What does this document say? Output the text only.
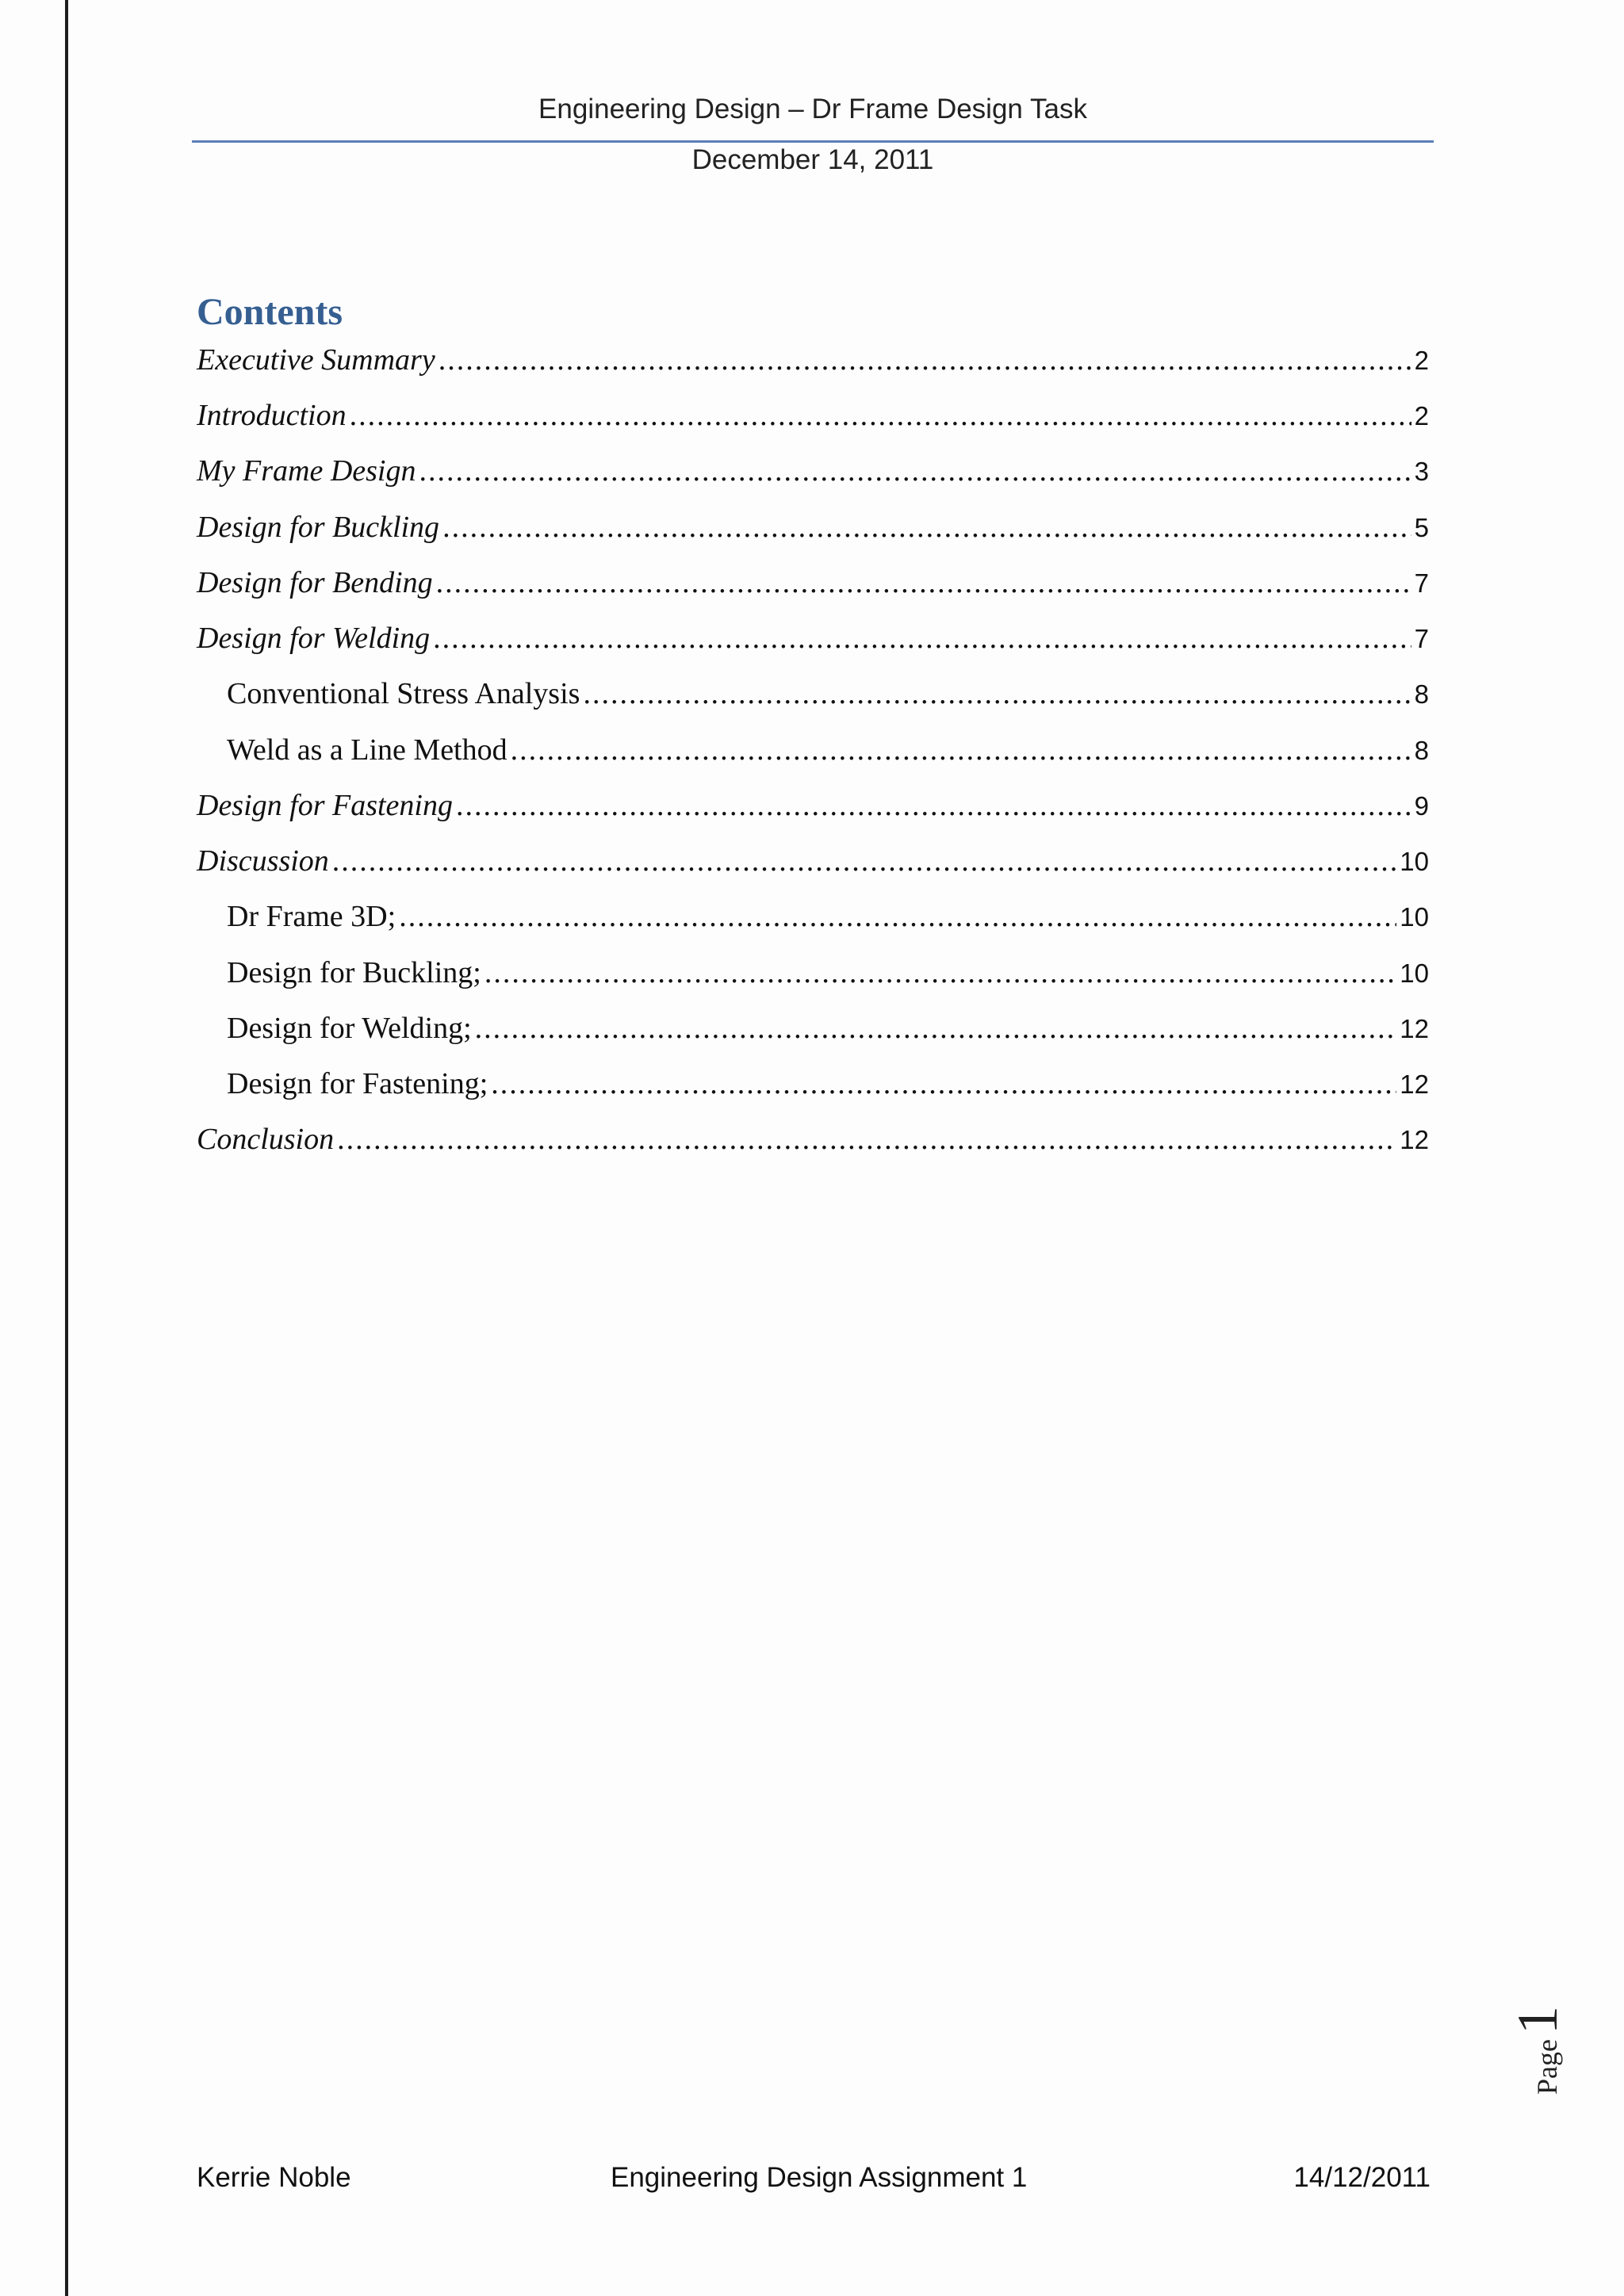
Engineering Design – Dr Frame Design Task
December 14, 2011
Contents
Executive Summary .....	2
Introduction .....	2
My Frame Design .....	3
Design for Buckling .....	5
Design for Bending .....	7
Design for Welding .....	7
Conventional Stress Analysis .....	8
Weld as a Line Method .....	8
Design for Fastening .....	9
Discussion .....	10
Dr Frame 3D; .....	10
Design for Buckling; .....	10
Design for Welding; .....	12
Design for Fastening; .....	12
Conclusion .....	12
Page
1
Kerrie Noble	Engineering Design Assignment 1	14/12/2011
